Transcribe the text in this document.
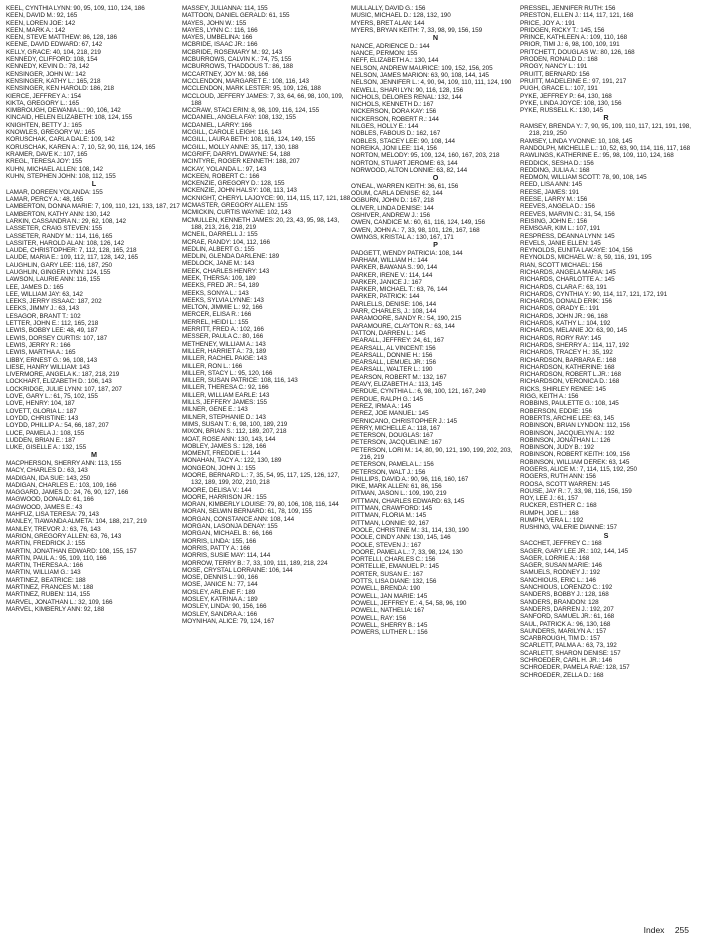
KEEL, CYNTHIA LYNN: 90, 95, 109, 110, 124, 186
KEEN, DAVID M.: 92, 165
KEEN, LOREN JOE: 142
KEEN, MARK A.: 142
KEEN, STEVE MATTHEW: 86, 128, 186
KEENE, DAVID EDWARD: 67, 142
KELLY, GRACE: 40, 104, 218, 219
KENNEDY, CLIFFORD: 108, 154
KENNEDY, KEVIN D.: 78, 142
KENSINGER, JOHN W.: 142
KENSINGER, KATHY L.: 165, 218
KENSINGER, KEN HAROLD: 186, 218
KIERCE, JEFFREY A.: 154
KIKTA, GREGORY L.: 165
KIMBROUGH, DEWANIA L.: 90, 106, 142
KINCAID, HELEN ELIZABETH: 108, 124, 155
KNIGHTEN, BETTY J.: 165
KNOWLES, GREGORY W.: 165
KORUSCHAK, CARLA DALE: 109, 142
KORUSCHAK, KAREN A.: 7, 10, 52, 90, 116, 124, 165
KRAMER, DAVE K.: 107, 165
KREGL, TERESA JOY: 155
KUHN, MICHAEL ALLEN: 108, 142
KUHN, STEPHEN JOHN: 108, 112, 155
L
LAMAR, DOREEN YOLANDA: 155
LAMAR, PERCY A.: 48, 165
LAMBERTON, DONNA MARIE: 7, 109, 110, 121, 133, 187, 217
LAMBERTON, KATHY ANN: 130, 142
LARKIN, CASSANDRA N.: 29, 62, 108, 142
LASSETER, CRAIG STEVEN: 155
LASSETER, RANDY M.: 114, 116, 165
LASSITER, HAROLD ALAN: 108, 126, 142
LAUDE, CHRISTOPHER: 7, 112, 128, 165, 218
LAUDE, MARIA E.: 109, 112, 117, 128, 142, 165
LAUGHLIN, GARY LEE: 116, 187, 250
LAUGHLIN, GINGER LYNN: 124, 155
LAWSON, LAURIE ANN: 116, 155
LEE, JAMES D.: 165
LEE, WILLIAM JAY: 63, 142
LEEKS, JERRY ISSAAC: 187, 202
LEEKS, JIMMY J.: 63, 143
LESAGOR, BRANT T.: 102
LETTER, JOHN E.: 112, 165, 218
LEWIS, BOBBY LEE: 48, 49, 187
LEWIS, DORSEY CURTIS: 107, 187
LEWIS, JERRY R.: 166
LEWIS, MARTHA A.: 165
LIBBY, ERNEST G.: 96, 108, 143
LIESE, HANRY WILLIAM: 143
LIVERMORE, ANGELA K.: 187, 218, 219
LOCKHART, ELIZABETH D.: 106, 143
LOCKRIDGE, JULIE LYNN: 107, 187, 207
LOVE, GARY L.: 61, 75, 102, 155
LOVE, HENRY: 104, 187
LOVETT, GLORIA L.: 187
LOYDD, CHRISTINE: 143
LOYDD, PHILLIP A.: 54, 66, 187, 207
LUCE, PAMELA J.: 108, 155
LUDDEN, BRIAN E.: 187
LUKE, GISELLE A.: 132, 155
M
MACPHERSON, SHERRY ANN: 113, 155
MACY, CHARLES D.: 63, 143
MADIGAN, IDA SUE: 143, 250
MADIGAN, CHARLES E.: 103, 109, 166
MAGGARD, JAMES D.: 24, 76, 90, 127, 166
MAGWOOD, DONALD: 61, 166
MAGWOOD, JAMES E.: 43
MAHFUZ, LISA TERESA: 79, 143
MANLEY, TIAWANDA ALMETA: 104, 188, 217, 219
MANLEY, TREVOR J.: 63, 76, 143
MARION, GREGORY ALLEN: 63, 76, 143
MARTIN, FREDRICK J.: 155
MARTIN, JONATHAN EDWARD: 108, 155, 157
MARTIN, PAUL A.: 95, 109, 110, 166
MARTIN, THERESA A.: 166
MARTIN, WILLIAM G.: 143
MARTINEZ, BEATRICE: 188
MARTINEZ, FRANCES M.: 188
MARTINEZ, RUBEN: 114, 155
MARVEL, JONATHAN L.: 32, 109, 166
MARVEL, KIMBERLY ANN: 92, 188
MASSEY, JULIANNA: 114, 155
MATTOON, DANIEL GERALD: 61, 155
MAYES, JOHN W.: 155
MAYES, LYNN C.: 116, 166
MAYES, UMBELINA: 166
MCBRIDE, ISAAC JR.: 166
MCBRIDE, ROSEMARY M.: 92, 143
MCBURROWS, CALVIN K.: 74, 75, 155
MCBURROWS, THADDOUS T.: 86, 188
MCCARTNEY, JOY M.: 98, 166
MCCLENDON, MARGARET E.: 108, 116, 143
MCCLENDON, MARK LESTER: 95, 109, 126, 188
MCCLOUD, JEFFERY JAMES: 7, 33, 64, 66, 98, 100, 109, 188
MCCRAW, STACI ERIN: 8, 98, 109, 116, 124, 155
MCDANIEL, ANGELA FAY: 108, 132, 155
MCDANIEL, LARRY: 166
MCGILL, CAROLE LEIGH: 116, 143
MCGILL, LAURA BETH: 108, 116, 124, 149, 155
MCGILL, MOLLY ANNE: 35, 117, 130, 188
MCGRIFF, DARRYL DWAYNE: 54, 188
MCINTYRE, ROGER KENNETH: 188, 207
MCKAY, YOLANDA L.: 97, 143
MCKEEN, ROBERT C.: 166
MCKENZIE, GREGORY D.: 128, 155
MCKENZIE, JOHN HALSY: 108, 113, 143
MCKNIGHT, CHERYL LAJOYCE: 90, 114, 115, 117, 121, 188
MCMASTER, GREGORY ALLEN: 155
MCMICKIN, CURTIS WAYNE: 102, 143
MCMULLEN, KENNETH JAMES: 20, 23, 43, 95, 98, 143, 188, 213, 216, 218, 219
MCNEIL, DARRELL J.: 155
MCRAE, RANDY: 104, 112, 166
MEDLIN, ALBERT G.: 155
MEDLIN, GLENDA DARLENE: 189
MEDLOCK, JANE M.: 143
MEEK, CHARLES HENRY: 143
MEEK, THERSA: 109, 189
MEEKS, FRED JR.: 54, 189
MEEKS, SONYA L.: 143
MEEKS, SYLVIA LYNNE: 143
MELTON, JIMMIE L.: 92, 166
MERCER, ELISA R.: 166
MERREL, HEIDI L.: 155
MERRITT, FRED A.: 102, 166
MESSER, PAULA C.: 80, 166
METHENEY, WILLIAM A.: 143
MILLER, HARRIET A.: 73, 189
MILLER, RACHEL PAIGE: 143
MILLER, RON L.: 166
MILLER, STACY L.: 95, 120, 166
MILLER, SUSAN PATRICE: 108, 116, 143
MILLER, THERESA C.: 92, 166
MILLER, WILLIAM EARLE: 143
MILLS, JEFFERY JAMES: 155
MILNER, GENE E.: 143
MILNER, STEPHANIE D.: 143
MIMS, SUSAN T.: 6, 98, 100, 189, 219
MIXON, BRIAN S.: 112, 189, 207, 218
MOAT, ROSE ANN: 130, 143, 144
MOBLEY, JAMES S.: 128, 166
MOMENT, FREDDIE L.: 144
MONAHAN, TACY A.: 122, 130, 189
MONGEON, JOHN J.: 155
MOORE, BERNARD L.: 7, 35, 54, 95, 117, 125, 126, 127, 132, 189, 199, 202, 210, 218
MOORE, DELISA V.: 144
MOORE, HARRISON JR.: 155
MORAN, KIMBERLY LOUISE: 79, 80, 106, 108, 116, 144
MORAN, SELWIN BERNARD: 61, 78, 109, 155
MORGAN, CONSTANCE ANN: 108, 144
MORGAN, LASONJA DENAY: 155
MORGAN, MICHAEL B.: 66, 166
MORRIS, LINDA: 155, 166
MORRIS, PATTY A.: 166
MORRIS, SUSIE MAY: 114, 144
MORROW, TERRY B.: 7, 33, 109, 111, 189, 218, 224
MOSE, CRYSTAL LORRAINE: 106, 144
MOSE, DENNIS L.: 90, 166
MOSE, JANICE N.: 77, 144
MOSLEY, ARLENE F.: 189
MOSLEY, KATRINA A.: 189
MOSLEY, LINDA: 90, 156, 166
MOSLEY, SANDRA A.: 166
MOYNIHAN, ALICE: 79, 124, 167
MULLALLY, DAVID G.: 156
MUSIC, MICHAEL D.: 128, 132, 190
MYERS, BRET ALAN: 144
MYERS, BRYAN KEITH: 7, 33, 98, 99, 156, 159
N
NANCE, ADRIENCE D.: 144
NANCE, PERMON: 155
NEFF, ELIZABETH A.: 130, 144
NELSON, ANDREW MAURICE: 109, 152, 156, 205
NELSON, JAMES MARION: 63, 90, 108, 144, 145
NELSON, JENNIFER L.: 4, 90, 94, 109, 110, 111, 124, 190
NEWELL, SHARI LYN: 90, 116, 128, 156
NICHOLS, DELORES RENAL: 132, 144
NICHOLS, KENNETH D.: 167
NICKERSON, DORA KAY: 156
NICKERSON, ROBERT R.: 144
NILGES, HOLLY E.: 144
NOBLES, FABOUS D.: 162, 167
NOBLES, STACEY LEE: 90, 108, 144
NOREIKA, JONI LEE: 114, 156
NORTON, MELODY: 95, 109, 124, 160, 167, 203, 218
NORTON, STUART JEROME: 63, 144
NORWOOD, ALTON LONNIE: 63, 82, 144
O
O'NEAL, WARREN KEITH: 36, 61, 156
ODUM, CARLA DENISE: 62, 144
OGBURN, JOHN D.: 167, 218
OLIVER, LINDA DENISE: 144
OSHIVER, ANDREW J.: 156
OWEN, CANDICE M.: 60, 61, 116, 124, 149, 156
OWEN, JOHN A.: 7, 33, 98, 101, 126, 167, 168
OWINGS, KRISTAL A.: 130, 167, 171
P
PADGETT, WENDY PATRICIA: 108, 144
PARHAM, WILLIAM H.: 144
PARKER, BAWANA S.: 90, 144
PARKER, IRENE V.: 114, 144
PARKER, JANICE J.: 167
PARKER, MICHAEL T.: 63, 76, 144
PARKER, PATRICK: 144
PARLELLS, DENISE: 106, 144
PARR, CHARLES, J.: 108, 144
PARAMOORE, SANDY R.: 54, 190, 215
PARAMOURE, CLAYTON R.: 63, 144
PATTON, DARREN L.: 145
PEARALL, JEFFREY: 24, 61, 167
PEARSALL, AL VINCENT: 156
PEARSALL, DONNIE H.: 156
PEARSALL, LEMUEL JR.: 156
PEARSALL, WALTER L.: 190
PEARSON, ROBERT M.: 132, 167
PEAVY, ELIZABETH A.: 113, 145
PERDUE, CYNTHIA L.: 6, 98, 100, 121, 167, 249
PERDUE, RALPH G.: 145
PEREZ, IRMA A.: 145
PEREZ, JOE MANUEL: 145
PERNICANO, CHRISTOPHER J.: 145
PERRY, MICHELLE A.: 118, 167
PETERSON, DOUGLAS: 167
PETERSON, JACQUELINE: 167
PETERSON, LORI M.: 14, 80, 90, 121, 190, 199, 202, 203, 216, 219
PETERSON, PAMELA L.: 156
PETERSON, WALT J.: 156
PHILLIPS, DAVID A.: 90, 96, 116, 160, 167
PIKE, MARK ALLEN: 61, 86, 156
PITMAN, JASON L.: 109, 190, 219
PITTMAN, CHARLES EDWARD: 63, 145
PITTMAN, CRAWFORD: 145
PITTMAN, FLORIA M.: 145
PITTMAN, LONNIE: 92, 167
POOLE, CHRISTINE M.: 31, 114, 130, 190
POOLE, CINDY ANN: 130, 145, 146
POOLE, STEVEN J.: 167
POORE, PAMELA L.: 7, 33, 98, 124, 130
PORTELLI, CHARLES C.: 156
PORTELLIE, EMANUEL P.: 145
PORTER, SUSAN E.: 167
POTTS, LISA DIANE: 132, 156
POWELL, BRENDA: 190
POWELL, JAN MARIE: 145
POWELL, JEFFREY E.: 4, 54, 58, 96, 190
POWELL, NATHELIA: 167
POWELL, RAY: 156
POWELL, SHERRY B.: 145
POWERS, LUTHER L.: 156
PRESSEL, JENNIFER RUTH: 156
PRESTON, ELLEN J.: 114, 117, 121, 168
PRICE, JOY A.: 191
PRIDGEN, RICKY T.: 145, 156
PRINCE, KATHLEEN A.: 109, 110, 168
PRIOR, TIMI J.: 6, 98, 100, 109, 191
PRITCHETT, DOUGLAS W.: 80, 126, 168
PRODEN, RONALD D.: 168
PROGY, NANCY L.: 191
PRUITT, BERNARD: 156
PRUITT, MADELEINE E.: 97, 191, 217
PUGH, GRACE L.: 107, 191
PYKE, JEFFREY P.: 64, 130, 168
PYKE, LINDA JOYCE: 108, 130, 156
PYKE, RUSSELL K.: 130, 145
R
RAMSEY, BRENDA Y.: 7, 90, 95, 109, 110, 117, 121, 191, 198, 218, 219, 250
RAMSEY, LINDA YVONNE: 10, 108, 145
RANDOLPH, MICHELLE L.: 10, 52, 63, 90, 114, 116, 117, 168
RAWLINGS, KATHERINE E.: 95, 98, 109, 110, 124, 168
REDDICK, SESHA D.: 156
REDDING, JULIA A.: 168
REDMON, WILLIAM SCOTT: 78, 90, 108, 145
REED, LISA ANN: 145
REESE, JAMES: 191
REESE, LARRY M.: 156
REEVES, ANGELA D.: 156
REEVES, MARVIN C.: 31, 54, 156
REISING, JOHN E.: 156
REMSGAR, KIM L.: 107, 191
RESPRESS, DEANNA LYNN: 145
REVELS, JANIE ELLEN: 145
REYNOLDS, EUNITA LAKAYE: 104, 156
REYNOLDS, MICHAEL W.: 8, 59, 116, 191, 195
RIAN, SCOTT MICHAEL: 156
RICHARDS, ANGELA MARIA: 145
RICHARDS, CHARLOTTE A.: 145
RICHARDS, CLARA F.: 63, 191
RICHARDS, CYNTHIA Y.: 90, 114, 117, 121, 172, 191
RICHARDS, DONALD ERIK: 156
RICHARDS, GRADY E.: 191
RICHARDS, JOHN JR.: 96, 168
RICHARDS, KATHY L.: 104, 192
RICHARDS, MELANIE JO: 63, 90, 145
RICHARDS, RORY RAY: 145
RICHARDS, SHERRY A.: 114, 117, 192
RICHARDS, TRACEY H.: 35, 192
RICHARDSON, BARBARA E.: 168
RICHARDSON, KATHERINE: 168
RICHARDSON, ROBERT L.JR.: 168
RICHARDSON, VERONICA D.: 168
RICKS, SHIRLEY RENEE: 145
RIGG, KEITH A.: 156
ROBBINS, PAULETTE G.: 108, 145
ROBERSON, EDDIE: 156
ROBERTS, ARCHIE LEE: 63, 145
ROBINSON, BRIAN LYNDON: 112, 156
ROBINSON, JACQUELYN A.: 192
ROBINSON, JONATHAN L.: 126
ROBINSON, JUDY B.: 192
ROBINSON, ROBERT KEITH: 109, 156
ROBINSON, WILLIAM DEREK: 63, 145
ROGERS, ALICE M.: 7, 114, 115, 192, 250
ROGERS, RUTH ANN: 156
ROOSA, SCOTT WARREN: 145
ROUSE, JAY R.: 7, 33, 98, 116, 156, 159
ROY, LEE J.: 61, 157
RUCKER, ESTHER C.: 168
RUMPH, JOE L.: 168
RUMPH, VERA L.: 192
RUSHING, VALERIE DIANNE: 157
S
SACCHET, JEFFREY C.: 168
SAGER, GARY LEE JR.: 102, 144, 145
SAGER, LORRIE A.: 168
SAGER, SUSAN MARIE: 146
SAMUELS, RODNEY J.: 192
SANCHIOUS, ERIC L.: 146
SANCHIOUS, LORENZO C.: 192
SANDERS, BOBBY J.: 128, 168
SANDERS, BRANDON: 128
SANDERS, DARREN J.: 192, 207
SANFORD, SAMUEL JR.: 61, 168
SAUL, PATRICK A.: 96, 130, 168
SAUNDERS, MARILYN A.: 157
SCARBROUGH, TIM D.: 157
SCARLETT, PALMA A.: 63, 73, 192
SCARLETT, SHARON DENISE: 157
SCHROEDER, CARL H. JR.: 146
SCHROEDER, PAMELA RAE: 128, 157
SCHROEDER, ZELLA D.: 168
Index 255
